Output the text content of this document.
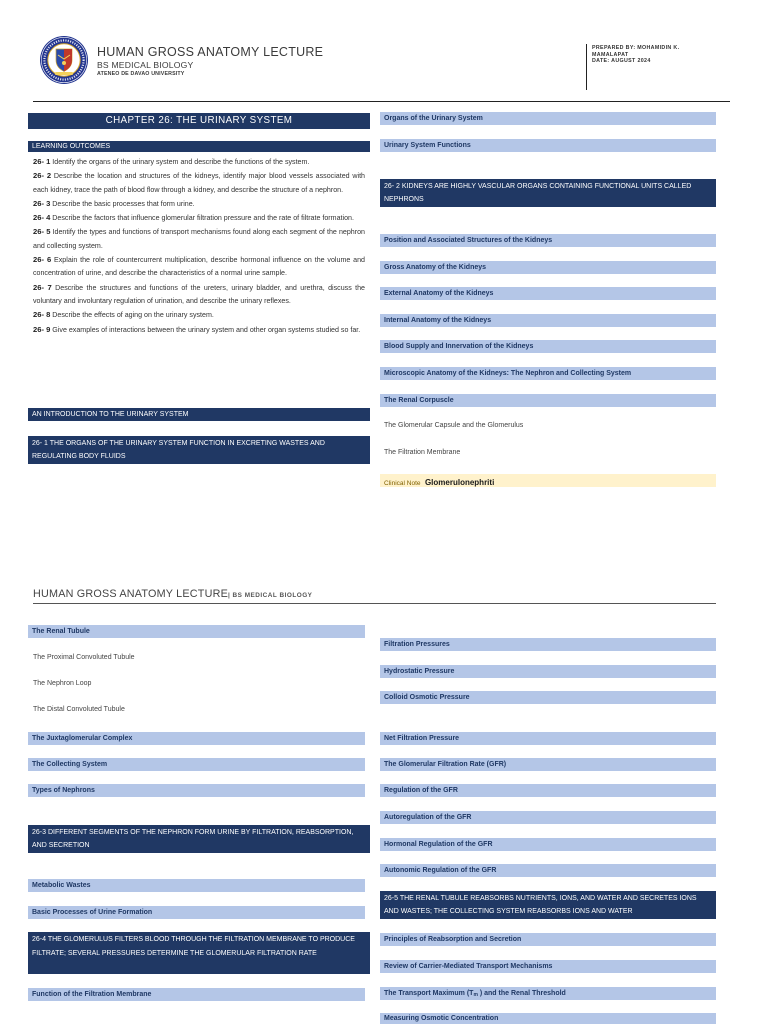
HUMAN GROSS ANATOMY LECTURE
BS MEDICAL BIOLOGY
ATENEO DE DAVAO UNIVERSITY
PREPARED BY: MOHAMIDIN K. MAMALAPAT
DATE: AUGUST 2024
CHAPTER 26: THE URINARY SYSTEM
LEARNING OUTCOMES

26- 1 Identify the organs of the urinary system and describe the functions of the system.

26- 2 Describe the location and structures of the kidneys, identify major blood vessels associated with each kidney, trace the path of blood flow through a kidney, and describe the structure of a nephron.

26- 3 Describe the basic processes that form urine.

26- 4 Describe the factors that influence glomerular filtration pressure and the rate of filtrate formation.

26- 5 Identify the types and functions of transport mechanisms found along each segment of the nephron and collecting system.

26- 6 Explain the role of countercurrent multiplication, describe hormonal influence on the volume and concentration of urine, and describe the characteristics of a normal urine sample.

26- 7 Describe the structures and functions of the ureters, urinary bladder, and urethra, discuss the voluntary and involuntary regulation of urination, and describe the urinary reflexes.

26- 8 Describe the effects of aging on the urinary system.

26- 9 Give examples of interactions between the urinary system and other organ systems studied so far.

AN INTRODUCTION TO THE URINARY SYSTEM
26- 1 THE ORGANS OF THE URINARY SYSTEM FUNCTION IN EXCRETING WASTES AND REGULATING BODY FLUIDS
Organs of the Urinary System
Urinary System Functions
26- 2 KIDNEYS ARE HIGHLY VASCULAR ORGANS CONTAINING FUNCTIONAL UNITS CALLED NEPHRONS
Position and Associated Structures of the Kidneys
Gross Anatomy of the Kidneys
External Anatomy of the Kidneys
Internal Anatomy of the Kidneys
Blood Supply and Innervation of the Kidneys
Microscopic Anatomy of the Kidneys: The Nephron and Collecting System
The Renal Corpuscle
The Glomerular Capsule and the Glomerulus
The Filtration Membrane
Clinical Note Glomerulonephriti
HUMAN GROSS ANATOMY LECTURE| BS MEDICAL BIOLOGY
The Renal Tubule
The Proximal Convoluted Tubule
The Nephron Loop
The Distal Convoluted Tubule
The Juxtaglomerular Complex
The Collecting System
Types of Nephrons
26-3 DIFFERENT SEGMENTS OF THE NEPHRON FORM URINE BY FILTRATION, REABSORPTION, AND SECRETION
Metabolic Wastes
Basic Processes of Urine Formation
26-4 THE GLOMERULUS FILTERS BLOOD THROUGH THE FILTRATION MEMBRANE TO PRODUCE FILTRATE; SEVERAL PRESSURES DETERMINE THE GLOMERULAR FILTRATION RATE
Function of the Filtration Membrane
Filtration Pressures
Hydrostatic Pressure
Colloid Osmotic Pressure
Net Filtration Pressure
The Glomerular Filtration Rate (GFR)
Regulation of the GFR
Autoregulation of the GFR
Hormonal Regulation of the GFR
Autonomic Regulation of the GFR
26-5 THE RENAL TUBULE REABSORBS NUTRIENTS, IONS, AND WATER AND SECRETES IONS AND WASTES; THE COLLECTING SYSTEM REABSORBS IONS AND WATER
Principles of Reabsorption and Secretion
Review of Carrier-Mediated Transport Mechanisms
The Transport Maximum ($T_m$ ) and the Renal Threshold
Measuring Osmotic Concentration
